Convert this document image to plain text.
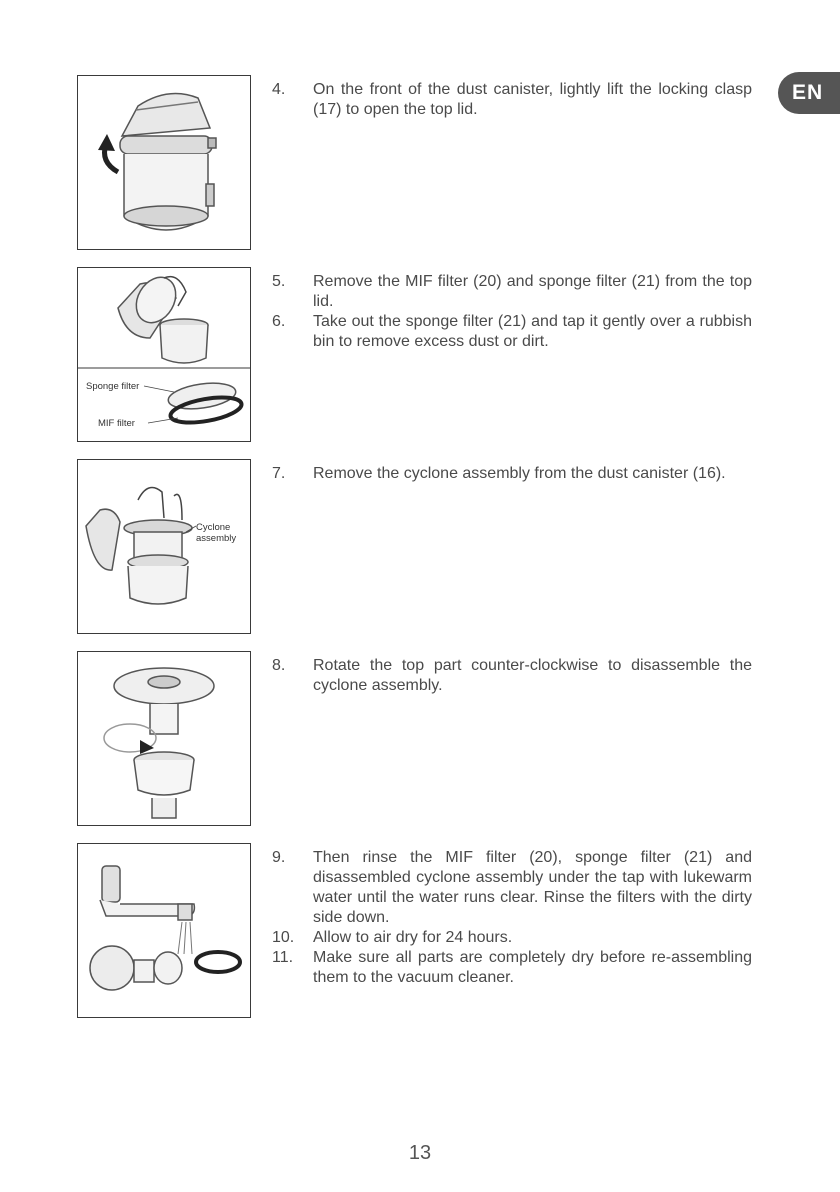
EN
Sponge filter
MIF filter
Cyclone
assembly
4.	On the front of the dust canister, lightly lift the locking clasp (17) to open the top lid.
5.	Remove the MIF filter (20) and sponge filter (21) from the top lid.
6.	Take out the sponge filter (21) and tap it gently over a rubbish bin to remove excess dust or dirt.
7.	Remove the cyclone assembly from the dust canister (16).
8.	Rotate the top part counter-clockwise to disassemble the cyclone assembly.
9.	Then rinse the MIF filter (20), sponge filter (21) and disassembled cyclone assembly under the tap with lukewarm water until the water runs clear. Rinse the filters with the dirty side down.
10.	Allow to air dry for 24 hours.
11.	Make sure all parts are completely dry before re-assembling them to the vacuum cleaner.
13
